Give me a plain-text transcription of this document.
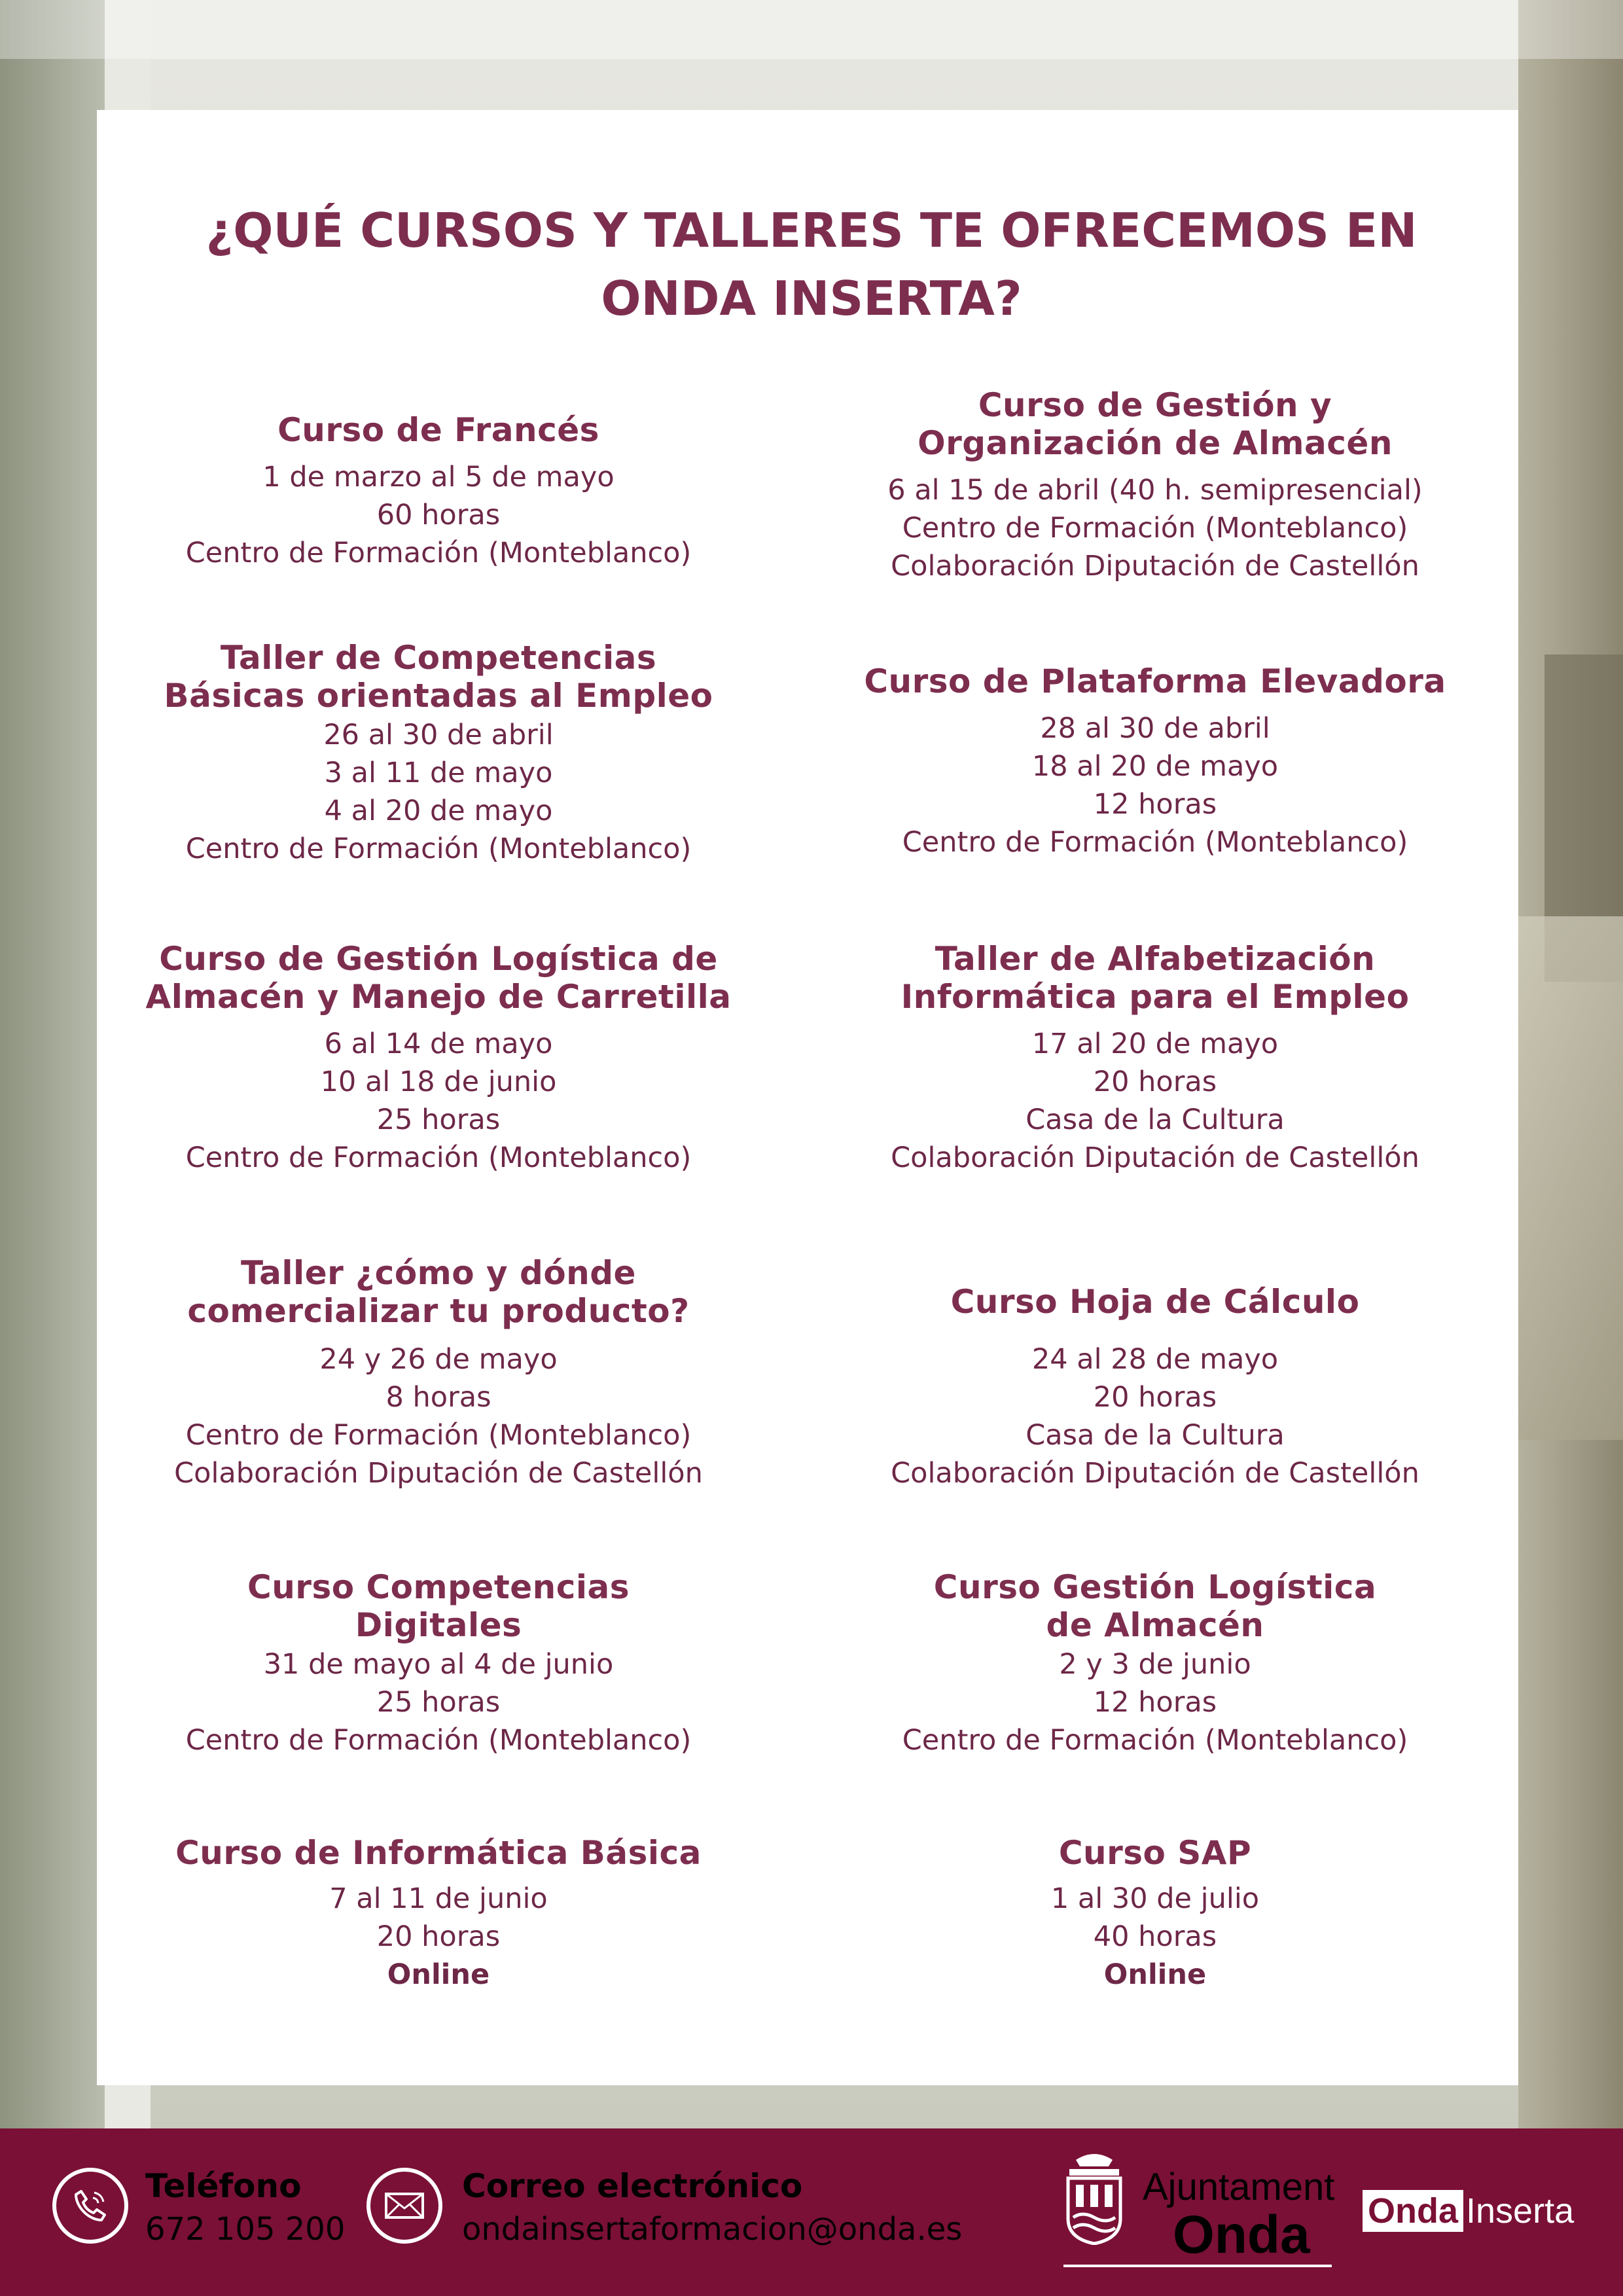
¿QUÉ CURSOS Y TALLERES TE OFRECEMOS EN
ONDA INSERTA?
Curso de Francés
1 de marzo al 5 de mayo
60 horas
Centro de Formación (Monteblanco)
Curso de Gestión y
Organización de Almacén
6 al 15 de abril (40 h. semipresencial)
Centro de Formación (Monteblanco)
Colaboración Diputación de Castellón
Taller de Competencias
Básicas orientadas al Empleo
26 al 30 de abril
3 al 11 de mayo
4 al 20 de mayo
Centro de Formación (Monteblanco)
Curso de Plataforma Elevadora
28 al 30 de abril
18 al 20 de mayo
12 horas
Centro de Formación (Monteblanco)
Curso de Gestión Logística de
Almacén y Manejo de Carretilla
6 al 14 de mayo
10 al 18 de junio
25 horas
Centro de Formación (Monteblanco)
Taller de Alfabetización
Informática para el Empleo
17 al 20 de mayo
20 horas
Casa de la Cultura
Colaboración Diputación de Castellón
Taller ¿cómo y dónde
comercializar tu producto?
24 y 26 de mayo
8 horas
Centro de Formación (Monteblanco)
Colaboración Diputación de Castellón
Curso Hoja de Cálculo
24 al 28 de mayo
20 horas
Casa de la Cultura
Colaboración Diputación de Castellón
Curso Competencias
Digitales
31 de mayo al 4 de junio
25 horas
Centro de Formación (Monteblanco)
Curso Gestión Logística
de Almacén
2 y 3 de junio
12 horas
Centro de Formación (Monteblanco)
Curso de Informática Básica
7 al 11 de junio
20 horas
Online
Curso SAP
1 al 30 de julio
40 horas
Online
Teléfono
672 105 200
Correo electrónico
ondainsertaformacion@onda.es
Ajuntament
Onda Onda Inserta
